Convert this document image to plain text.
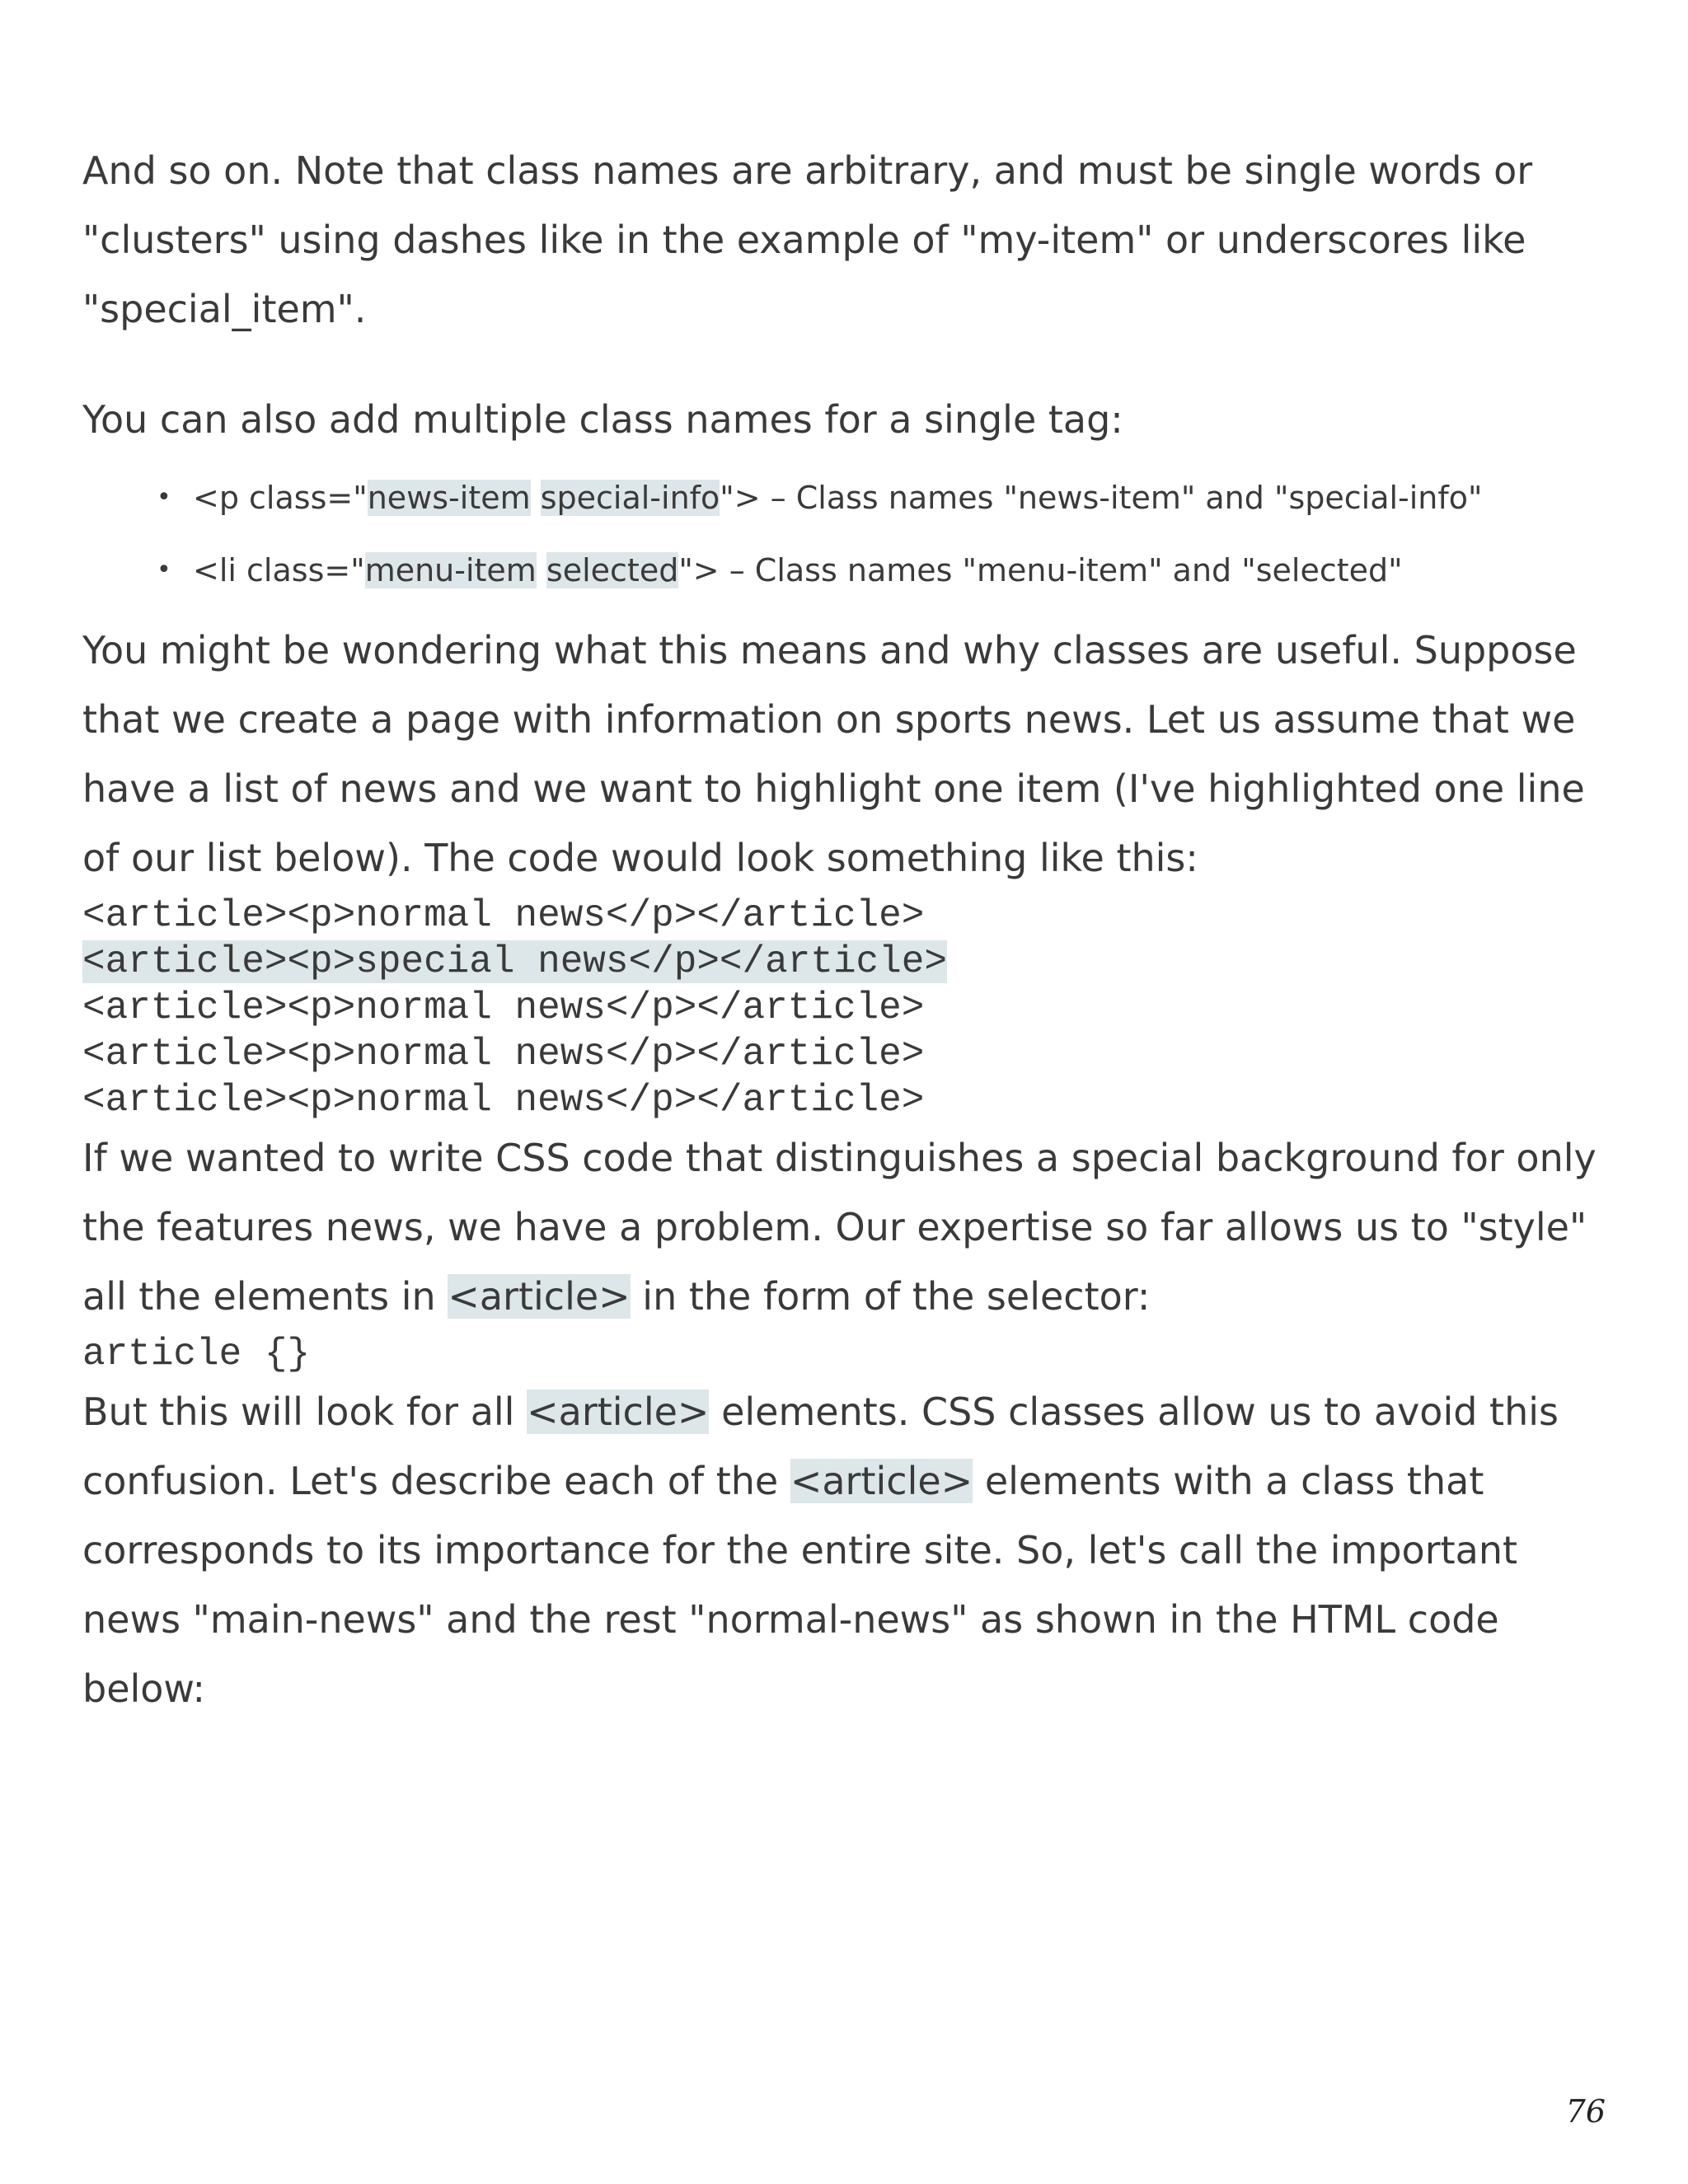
And so on. Note that class names are arbitrary, and must be single words or "clusters" using dashes like in the example of "my-item" or underscores like "special_item".

You can also add multiple class names for a single tag:

• <p class="news-item special-info"> – Class names "news-item" and "special-info"
• <li class="menu-item selected"> – Class names "menu-item" and "selected"

You might be wondering what this means and why classes are useful. Suppose that we create a page with information on sports news. Let us assume that we have a list of news and we want to highlight one item (I've highlighted one line of our list below). The code would look something like this:

<article><p>normal news</p></article>
<article><p>special news</p></article>
<article><p>normal news</p></article>
<article><p>normal news</p></article>
<article><p>normal news</p></article>

If we wanted to write CSS code that distinguishes a special background for only the features news, we have a problem. Our expertise so far allows us to "style" all the elements in <article> in the form of the selector:

article {}

But this will look for all <article> elements. CSS classes allow us to avoid this confusion. Let's describe each of the <article> elements with a class that corresponds to its importance for the entire site. So, let's call the important news "main-news" and the rest "normal-news" as shown in the HTML code below:

76
